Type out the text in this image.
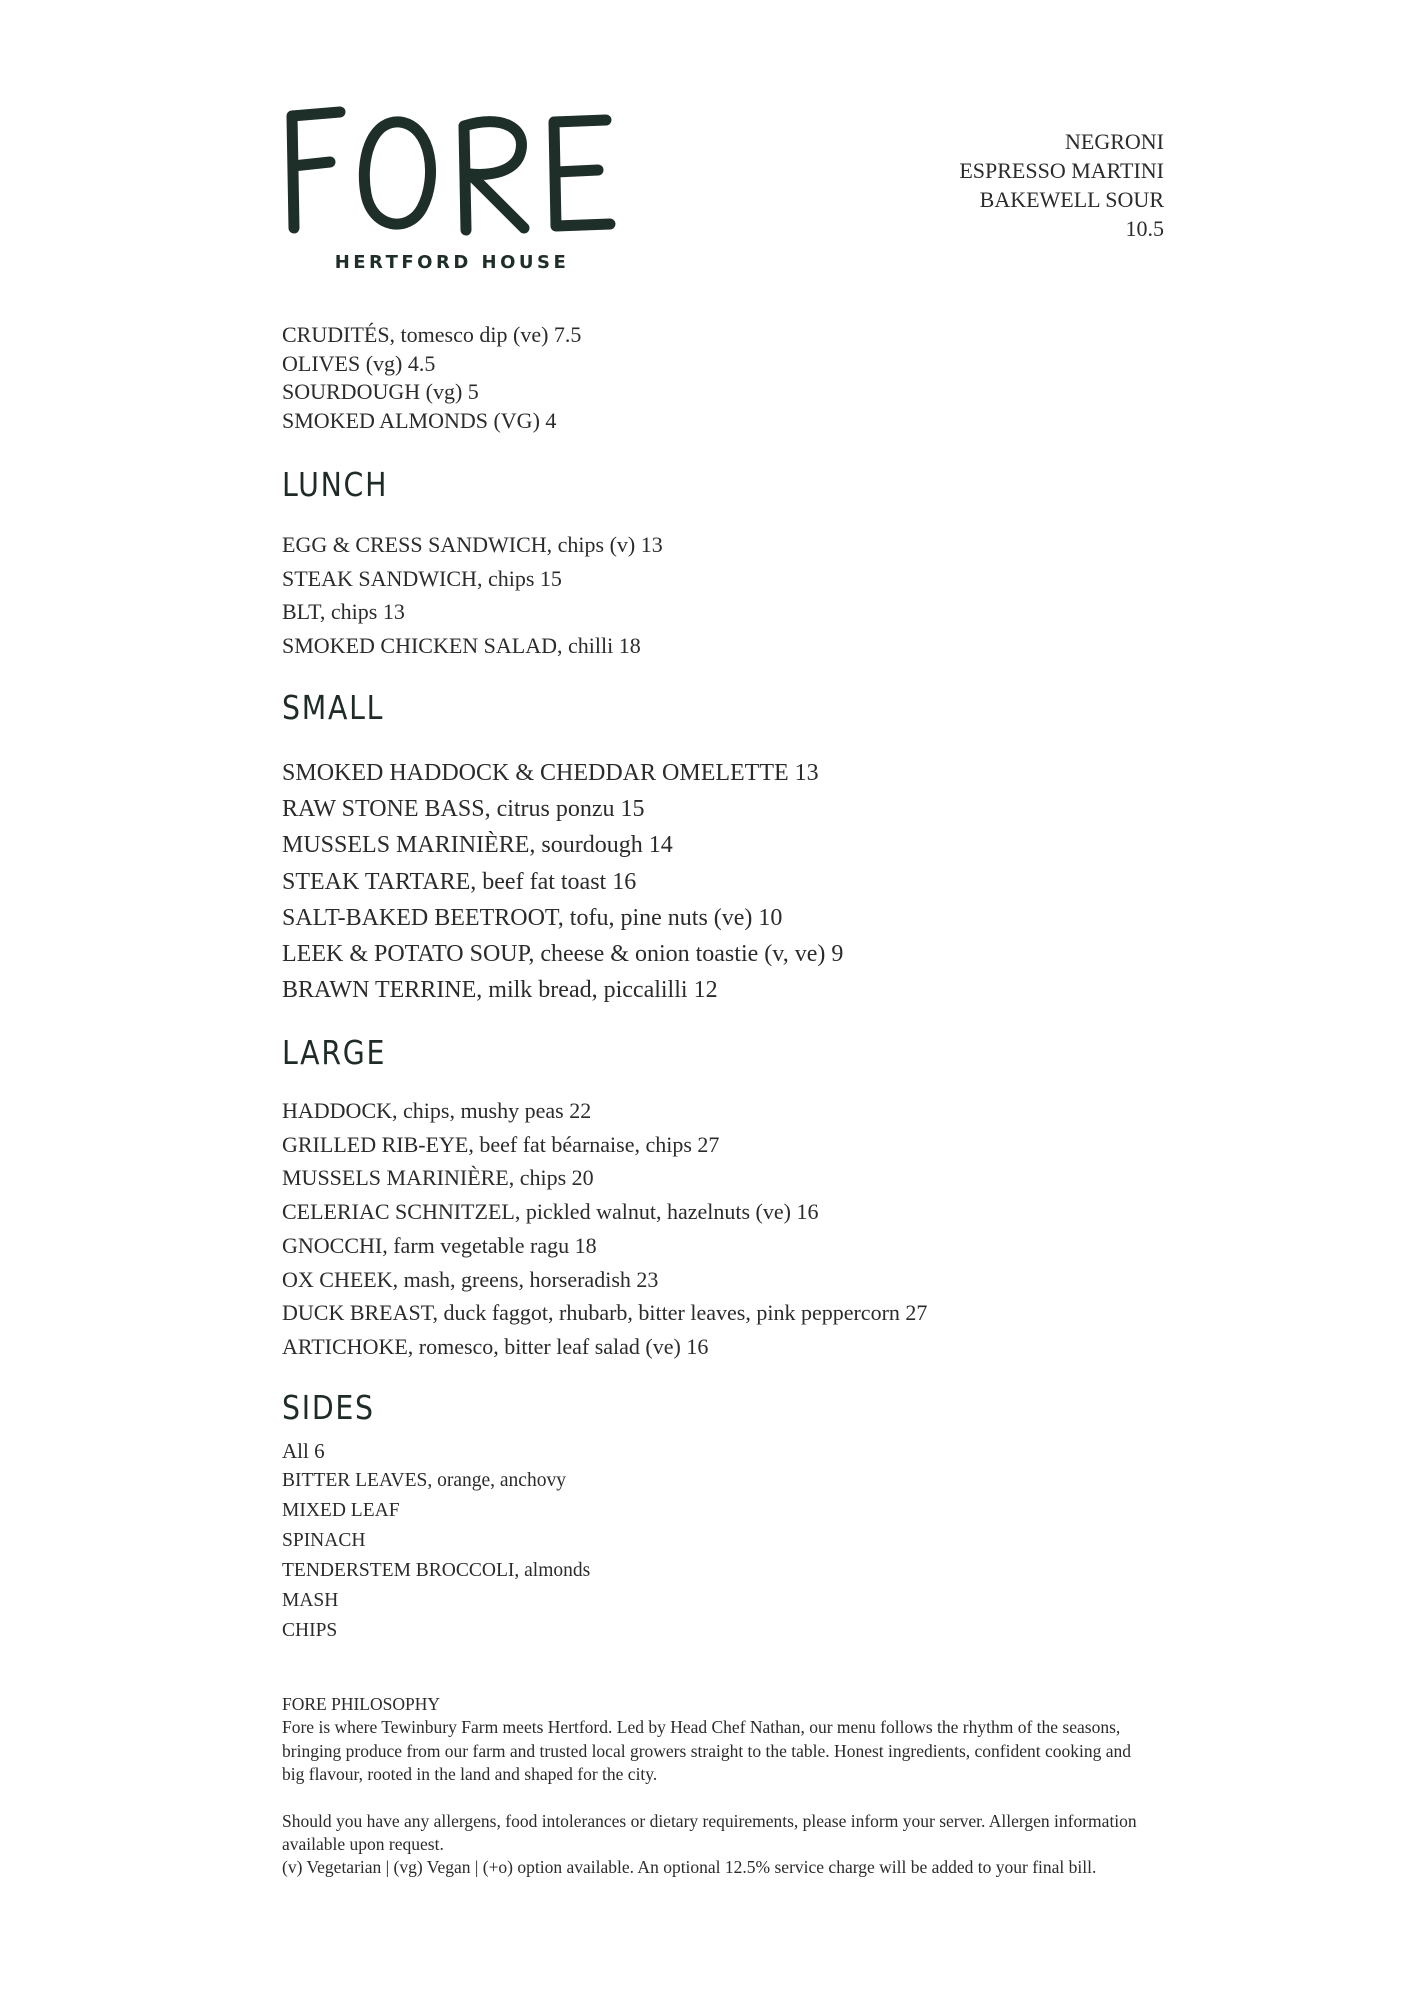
HERTFORD HOUSE
NEGRONI
ESPRESSO MARTINI
BAKEWELL SOUR
10.5
CRUDITÉS, tomesco dip (ve) 7.5
OLIVES (vg) 4.5
SOURDOUGH (vg) 5
SMOKED ALMONDS (VG) 4
LUNCH
EGG & CRESS SANDWICH, chips (v) 13
STEAK SANDWICH, chips 15
BLT, chips 13
SMOKED CHICKEN SALAD, chilli 18
SMALL
SMOKED HADDOCK & CHEDDAR OMELETTE 13
RAW STONE BASS, citrus ponzu 15
MUSSELS MARINIÈRE, sourdough 14
STEAK TARTARE, beef fat toast 16
SALT-BAKED BEETROOT, tofu, pine nuts (ve) 10
LEEK & POTATO SOUP, cheese & onion toastie (v, ve) 9
BRAWN TERRINE, milk bread, piccalilli 12
LARGE
HADDOCK, chips, mushy peas 22
GRILLED RIB-EYE, beef fat béarnaise, chips 27
MUSSELS MARINIÈRE, chips 20
CELERIAC SCHNITZEL, pickled walnut, hazelnuts (ve) 16
GNOCCHI, farm vegetable ragu 18
OX CHEEK, mash, greens, horseradish 23
DUCK BREAST, duck faggot, rhubarb, bitter leaves, pink peppercorn 27
ARTICHOKE, romesco, bitter leaf salad (ve) 16
SIDES
All 6
BITTER LEAVES, orange, anchovy
MIXED LEAF
SPINACH
TENDERSTEM BROCCOLI, almonds
MASH
CHIPS

FORE PHILOSOPHY

Fore is where Tewinbury Farm meets Hertford. Led by Head Chef Nathan, our menu follows the rhythm of the seasons, bringing produce from our farm and trusted local growers straight to the table. Honest ingredients, confident cooking and big flavour, rooted in the land and shaped for the city.

Should you have any allergens, food intolerances or dietary requirements, please inform your server. Allergen information available upon request.

(v) Vegetarian | (vg) Vegan | (+o) option available. An optional 12.5% service charge will be added to your final bill.
